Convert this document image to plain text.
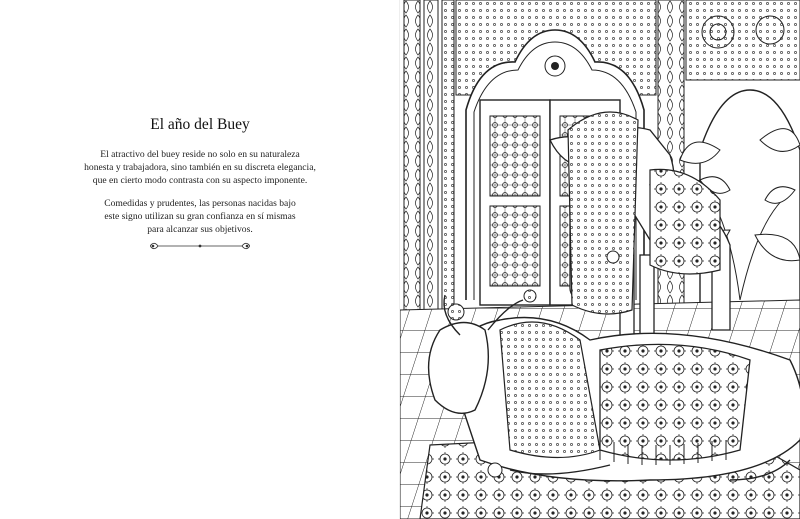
El año del Buey

El atractivo del buey reside no solo en su naturaleza
honesta y trabajadora, sino también en su discreta elegancia,
que en cierto modo contrasta con su aspecto imponente.

Comedidas y prudentes, las personas nacidas bajo
este signo utilizan su gran confianza en sí mismas
para alcanzar sus objetivos.
